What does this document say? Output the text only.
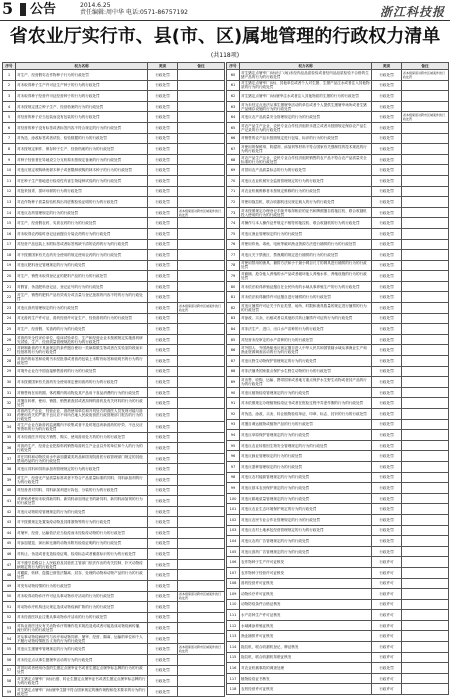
5	公告	2014.6.25
责任编辑:周中华 电话:0571-86757192	浙江科技报
省农业厅实行市、县(市、区)属地管理的行政权力清单
(共118项)
序号	权力名称	类别	备注
1	对生产、经营假劣农作物种子行为的行政处罚	行政处罚	
2	对未取得种子生产许可证生产种子的行为的行政处罚	行政处罚	
3	对未取得种子经营许可证经营种子的行为的行政处罚	行政处罚	
4	对未按规定建立种子生产、经营档案的行为的行政处罚	行政处罚	
5	对经营的种子应当包装而没有包装的行为的行政处罚	行政处罚	
6	对经营的种子没有标签或者标签内容不符合规定的行为的行政处罚	行政处罚	
7	对伪造、涂改标签或者试验、检验数据的行为的行政处罚	行政处罚	
8	对未按规定制作、保存种子生产、经营档案的行为的行政处罚	行政处罚	
9	对种子经营者在异地设立分支机构未按规定备案的行为的行政处罚	行政处罚	
10	对违反规定收购珍贵树木种子或者限制收购的林木种子的行为的行政处罚	行政处罚	
11	对在种子生产基地进行检疫性有害生物接种试验的行为的行政处罚	行政处罚	
12	对抢采掠青、损坏母树的行为的行政处罚	行政处罚	
13	对农作物种子质量检验机构出具虚假检验证明的行为的行政处罚	行政处罚	
14	对违反农药管理规定的行为的行政处罚	行政处罚	省本级保留对跨市区域案件的行政处罚
15	对生产、经营假农药、劣质农药的行为的行政处罚	行政处罚	
16	对未取得农药临时登记证而擅自分装农药的行为的行政处罚	行政处罚	
17	对经营产品包装上未附标签或者标签残缺不清的农药的行为的行政处罚	行政处罚	
18	对不按照国家有关农药安全使用的规定使用农药的行为的行政处罚	行政处罚	
19	对违反肥料登记管理规定的行为的行政处罚	行政处罚	
20	对生产、销售未取得登记证的肥料产品的行为的行政处罚	行政处罚	
21	对假冒、伪造肥料登记证、登记证号的行为的行政处罚	行政处罚	
22	对生产、销售的肥料产品有效成分或含量与登记批准的内容不符的行为的行政处罚	行政处罚	
23	对违反兽药管理规定的行为的行政处罚	行政处罚	省本级保留对跨市区域案件的行政处罚
24	对无兽药生产许可证、兽药经营许可证生产、经营兽药的行为的行政处罚	行政处罚	
25	对生产、经营假、劣兽药的行为的行政处罚	行政处罚	
26	对兽药安全性评价单位、临床试验单位、生产和经营企业未按照规定实施兽药研究试验、生产、经营质量管理规范的行为的行政处罚	行政处罚	
27	对研制新兽药不具备规定的条件擅自使用一类病原微生物或者在实验室阶段前未经批准的行为的行政处罚	行政处罚	
28	对兽药的标签和说明书未经批准或者兽药包装上未附有标签和说明书的行为的行政处罚	行政处罚	
29	对境外企业在中国直接销售兽药的行为的行政处罚	行政处罚	
30	对未按照国家有关兽药安全使用规定使用兽药的行为的行政处罚	行政处罚	
31	对销售尚在用药期、休药期内的动物及其产品用于食品消费的行为的行政处罚	行政处罚	
32	对擅自转移、使用、销毁、销售被查封或者扣押的兽药及有关材料的行为的行政处罚	行政处罚	
33	对兽药生产企业、经营企业、兽药使用单位和开具处方的兽医人员发现可能与兽药使用有关的严重不良反应不向所在地人民政府兽医行政管理部门报告的行为的行政处罚	行政处罚	
34	对生产企业在新兽药监测期内不收集或者不及时报送该新兽药的疗效、不良反应等资料的行为的行政处罚	行政处罚	
35	对未经兽医开具处方销售、购买、使用兽用处方药的行为的行政处罚	行政处罚	
36	对兽药生产、经营企业把原料药销售给兽药生产企业以外的单位和个人的行为的行政处罚	行政处罚	
37	对在饲料和动物饮用水中添加激素类药品和国务院兽医行政管理部门规定的其他禁用药品的行为的行政处罚	行政处罚	
38	对违反饲料和饲料添加剂管理规定的行为的行政处罚	行政处罚	
39	对生产、经营无产品质量标准或者不符合产品质量标准的饲料、饲料添加剂的行为的行政处罚	行政处罚	
40	对经营者对饲料、饲料添加剂进行拆包、分装的行为的行政处罚	行政处罚	
41	对养殖者使用未取得新饲料、新饲料添加剂证书的新饲料、新饲料添加剂的行为的行政处罚	行政处罚	
42	对违反动物防疫管理规定的行为的行政处罚	行政处罚	
43	对不按照规定处置染疫动物及其排泄物等的行为的行政处罚	行政处罚	
44	对屠宰、经营、运输依法应当检疫而未经检疫动物的行为的行政处罚	行政处罚	
45	对参加展览、演出和比赛的动物未附有检疫证明的行为的行政处罚	行政处罚	
46	对转让、伪造或者变造检疫证明、检疫标志或者畜禽标识的行为的行政处罚	行政处罚	
47	对不遵守县级以上人民政府及其兽医主管部门依法作出的有关控制、扑灭动物疫病规定的行为的行政处罚	行政处罚	
48	对藏匿、转移、盗掘已被依法隔离、封存、处理的动物和动物产品的行为的行政处罚	行政处罚	
49	对发布动物疫情的行为的行政处罚	行政处罚	
50	对未取得动物诊疗许可证从事动物诊疗活动的行为的行政处罚	行政处罚	省本级保留对跨市区域案件的行政处罚
51	对动物诊疗机构违反规定造成动物疫病扩散的行为的行政处罚	行政处罚	
52	对未经兽医执业注册从事动物诊疗活动的行为的行政处罚	行政处罚	
53	对执业兽医违反有关动物诊疗的操作技术规范造成或者可能造成动物疫病传播、流行的行为的行政处罚	行政处罚	
54	对从事动物疫病研究与诊疗和动物饲养、屠宰、经营、隔离、运输的单位和个人不履行动物疫情报告义务的行为的行政处罚	行政处罚	
55	对违反生猪屠宰管理规定的行为的行政处罚	行政处罚	省本级保留对跨市区域案件的行政处罚
56	对未经定点从事生猪屠宰活动的行为的行政处罚	行政处罚	
57	对冒用或者使用伪造的生猪定点屠宰证书或者生猪定点屠宰标志牌的行为的行政处罚	行政处罚	
58	对生猪定点屠宰厂(场)出借、转让生猪定点屠宰证书或者生猪定点屠宰标志牌的行为的行政处罚	行政处罚	
59	对生猪定点屠宰厂(场)屠宰生猪不符合国家规定的操作规程和技术要求的行为的行政处罚	行政处罚	
序号	权力名称	类别	备注
60	对生猪定点屠宰厂(场)出厂(场)未经肉品品质检验或者经肉品品质检验不合格的生猪产品的行为的行政处罚	行政处罚	省本级保留对跨市区域案件的行政处罚
61	对生猪定点屠宰厂(场)、其他单位或者个人对生猪、生猪产品注水或者注入其他物质的行为的行政处罚	行政处罚	
62	对生猪定点屠宰厂(场)屠宰注水或者注入其他物质的生猪的行为的行政处罚	行政处罚	
63	对为未经定点违法从事生猪屠宰活动的单位或者个人提供生猪屠宰场所或者生猪产品储存设施的行为的行政处罚	行政处罚	
64	对违反农产品质量安全管理规定的行为的行政处罚	行政处罚	省本级保留对跨市区域案件的行政处罚
65	对农产品生产企业、农民专业合作经济组织未建立或者未按照规定保存农产品生产记录的行为的行政处罚	行政处罚	
66	对销售的农产品未按照规定进行包装、标识的行为的行政处罚	行政处罚	
67	对使用的保鲜剂、防腐剂、添加剂等材料不符合国家有关强制性的技术规范的行为的行政处罚	行政处罚	
68	对农产品生产企业、农民专业合作经济组织销售的农产品不符合农产品质量安全标准的行为的行政处罚	行政处罚	
69	对冒用农产品质量标志的行为的行政处罚	行政处罚	
70	对违反农业机械安全监督管理规定的行为的行政处罚	行政处罚	
71	对农业机械维修者未按规定维修的行为的行政处罚	行政处罚	
72	对使用拖拉机、联合收割机违反规定载人的行为的行政处罚	行政处罚	
73	对未按照规定办理登记手续并取得相应的证书和牌照擅自将拖拉机、联合收割机投入使用的行为的行政处罚	行政处罚	
74	对操作与本人操作证件规定不相符的拖拉机、联合收割机的行为的行政处罚	行政处罚	
75	对违反渔业管理规定的行为的行政处罚	行政处罚	
76	对使用炸鱼、毒鱼、电鱼等破坏渔业资源方法进行捕捞的行为的行政处罚	行政处罚	
77	对违反关于禁渔区、禁渔期的规定进行捕捞的行为的行政处罚	行政处罚	
78	对使用禁用的渔具、捕捞方法和小于最小网目尺寸的网具进行捕捞的行为的行政处罚	行政处罚	
79	对偷捕、抢夺他人养殖的水产品或者破坏他人养殖水体、养殖设施的行为的行政处罚	行政处罚	
80	对未依法取得养殖证擅自在全民所有的水域从事养殖生产的行为的行政处罚	行政处罚	
81	对未依法取得捕捞许可证擅自进行捕捞的行为的行政处罚	行政处罚	
82	对违反捕捞许可证关于作业类型、场所、时限和渔具数量的规定进行捕捞的行为的行政处罚	行政处罚	
83	对涂改、买卖、出租或者以其他形式转让捕捞许可证的行为的行政处罚	行政处罚	
84	对非法生产、进口、出口水产苗种的行为的行政处罚	行政处罚	
85	对经营未经审定的水产苗种的行为的行政处罚	行政处罚	
86	对外国人、外国渔船违反规定擅自进入中华人民共和国管辖水域从事渔业生产和渔业资源调查活动的行为的行政处罚	行政处罚	
87	对违反野生动物保护管理规定的行为的行政处罚	行政处罚	
88	对非法捕杀国家重点保护水生野生动物的行为的行政处罚	行政处罚	
89	对出售、收购、运输、携带国家或者地方重点保护水生野生动物或者其产品的行为的行政处罚	行政处罚	
90	对违反植物检疫管理规定的行为的行政处罚	行政处罚	
91	对未依照规定办理植物检疫证书或者在报检过程中弄虚作假的行为的行政处罚	行政处罚	
92	对伪造、涂改、买卖、转让植物检疫单证、印章、标志、封识的行为的行政处罚	行政处罚	
93	对擅自调运植物或植物产品的行为的行政处罚	行政处罚	
94	对违反草原保护管理规定的行为的行政处罚	行政处罚	
95	对违反农业转基因生物安全管理规定的行为的行政处罚	行政处罚	
96	对违反蜂业管理规定的行为的行政处罚	行政处罚	
97	对违反蚕种管理规定的行为的行政处罚	行政处罚	
98	对违反农村能源管理规定的行为的行政处罚	行政处罚	
99	对违反基本农田保护规定的行为的行政处罚	行政处罚	
100	对违反耕地质量管理规定的行为的行政处罚	行政处罚	
101	对违反农业生态环境保护规定的行为的行政处罚	行政处罚	
102	对违反农民专业合作社管理规定的行为的行政处罚	行政处罚	
103	对违反农村土地承包经营管理规定的行为的行政处罚	行政处罚	
104	对违反农药广告管理规定的行为的行政处罚	行政处罚	
105	对违反兽药广告管理规定的行为的行政处罚	行政处罚	
106	农作物种子生产许可证核发	行政许可	
107	农作物种子经营许可证核发	行政许可	
108	兽药经营许可证核发	行政许可	
109	动物诊疗许可证核发	行政许可	
110	动物防疫条件合格证核发	行政许可	
111	水产苗种生产许可证核发	行政许可	
112	水域滩涂养殖证核发	行政许可	
113	渔业捕捞许可证核发	行政许可	
114	拖拉机、联合收割机登记、牌证核发	行政许可	
115	拖拉机、联合收割机驾驶证核发	行政许可	
116	对农业机械事故的调查处理	行政处罚	
117	植物检疫证书核发	行政许可	
118	农药经营许可证核发	行政许可	
